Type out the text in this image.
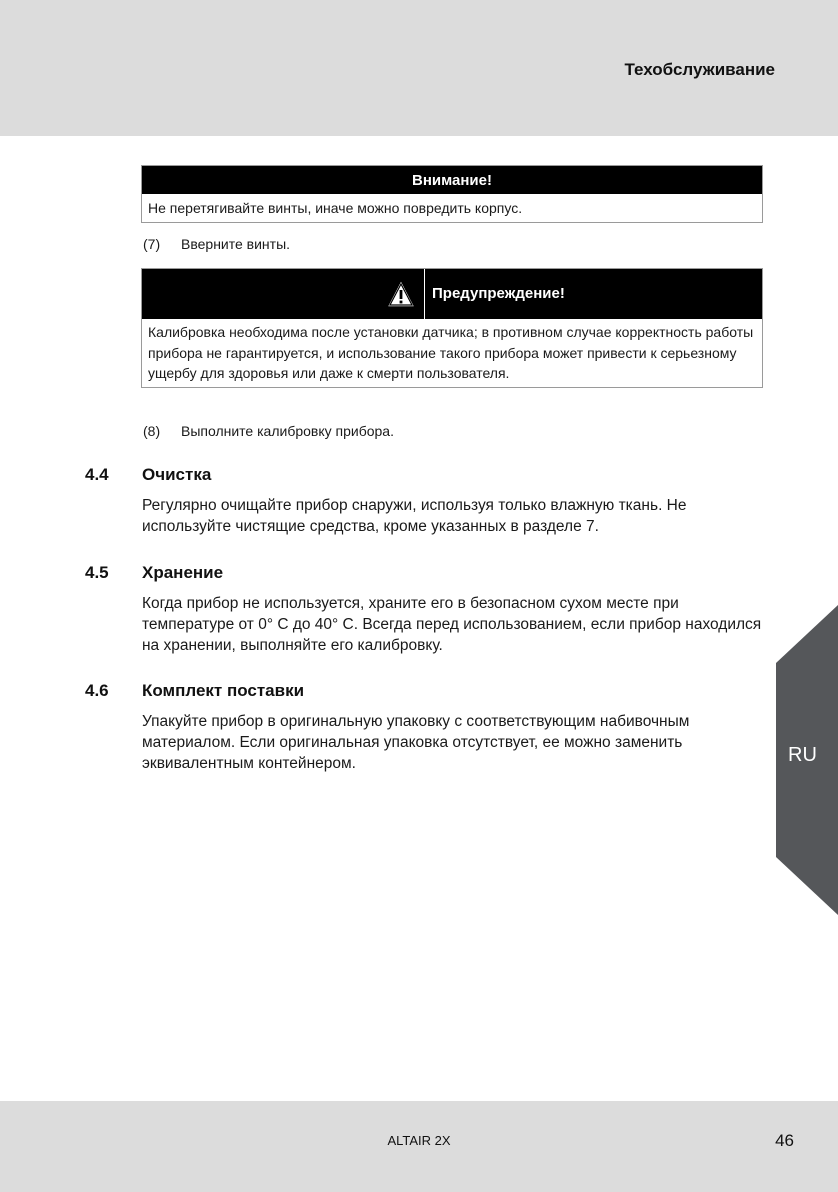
Техобслуживание
Внимание!
Не перетягивайте винты, иначе можно повредить корпус.
(7) Вверните винты.
Предупреждение!
Калибровка необходима после установки датчика; в противном случае корректность работы прибора не гарантируется, и использование такого прибора может привести к серьезному ущербу для здоровья или даже к смерти пользователя.
(8) Выполните калибровку прибора.
4.4 Очистка
Регулярно очищайте прибор снаружи, используя только влажную ткань. Не используйте чистящие средства, кроме указанных в разделе 7.
4.5 Хранение
Когда прибор не используется, храните его в безопасном сухом месте при температуре от 0° C до 40° C. Всегда перед использованием, если прибор находился на хранении, выполняйте его калибровку.
4.6 Комплект поставки
Упакуйте прибор в оригинальную упаковку с соответствующим набивочным материалом. Если оригинальная упаковка отсутствует, ее можно заменить эквивалентным контейнером.	RU
ALTAIR 2X	46
